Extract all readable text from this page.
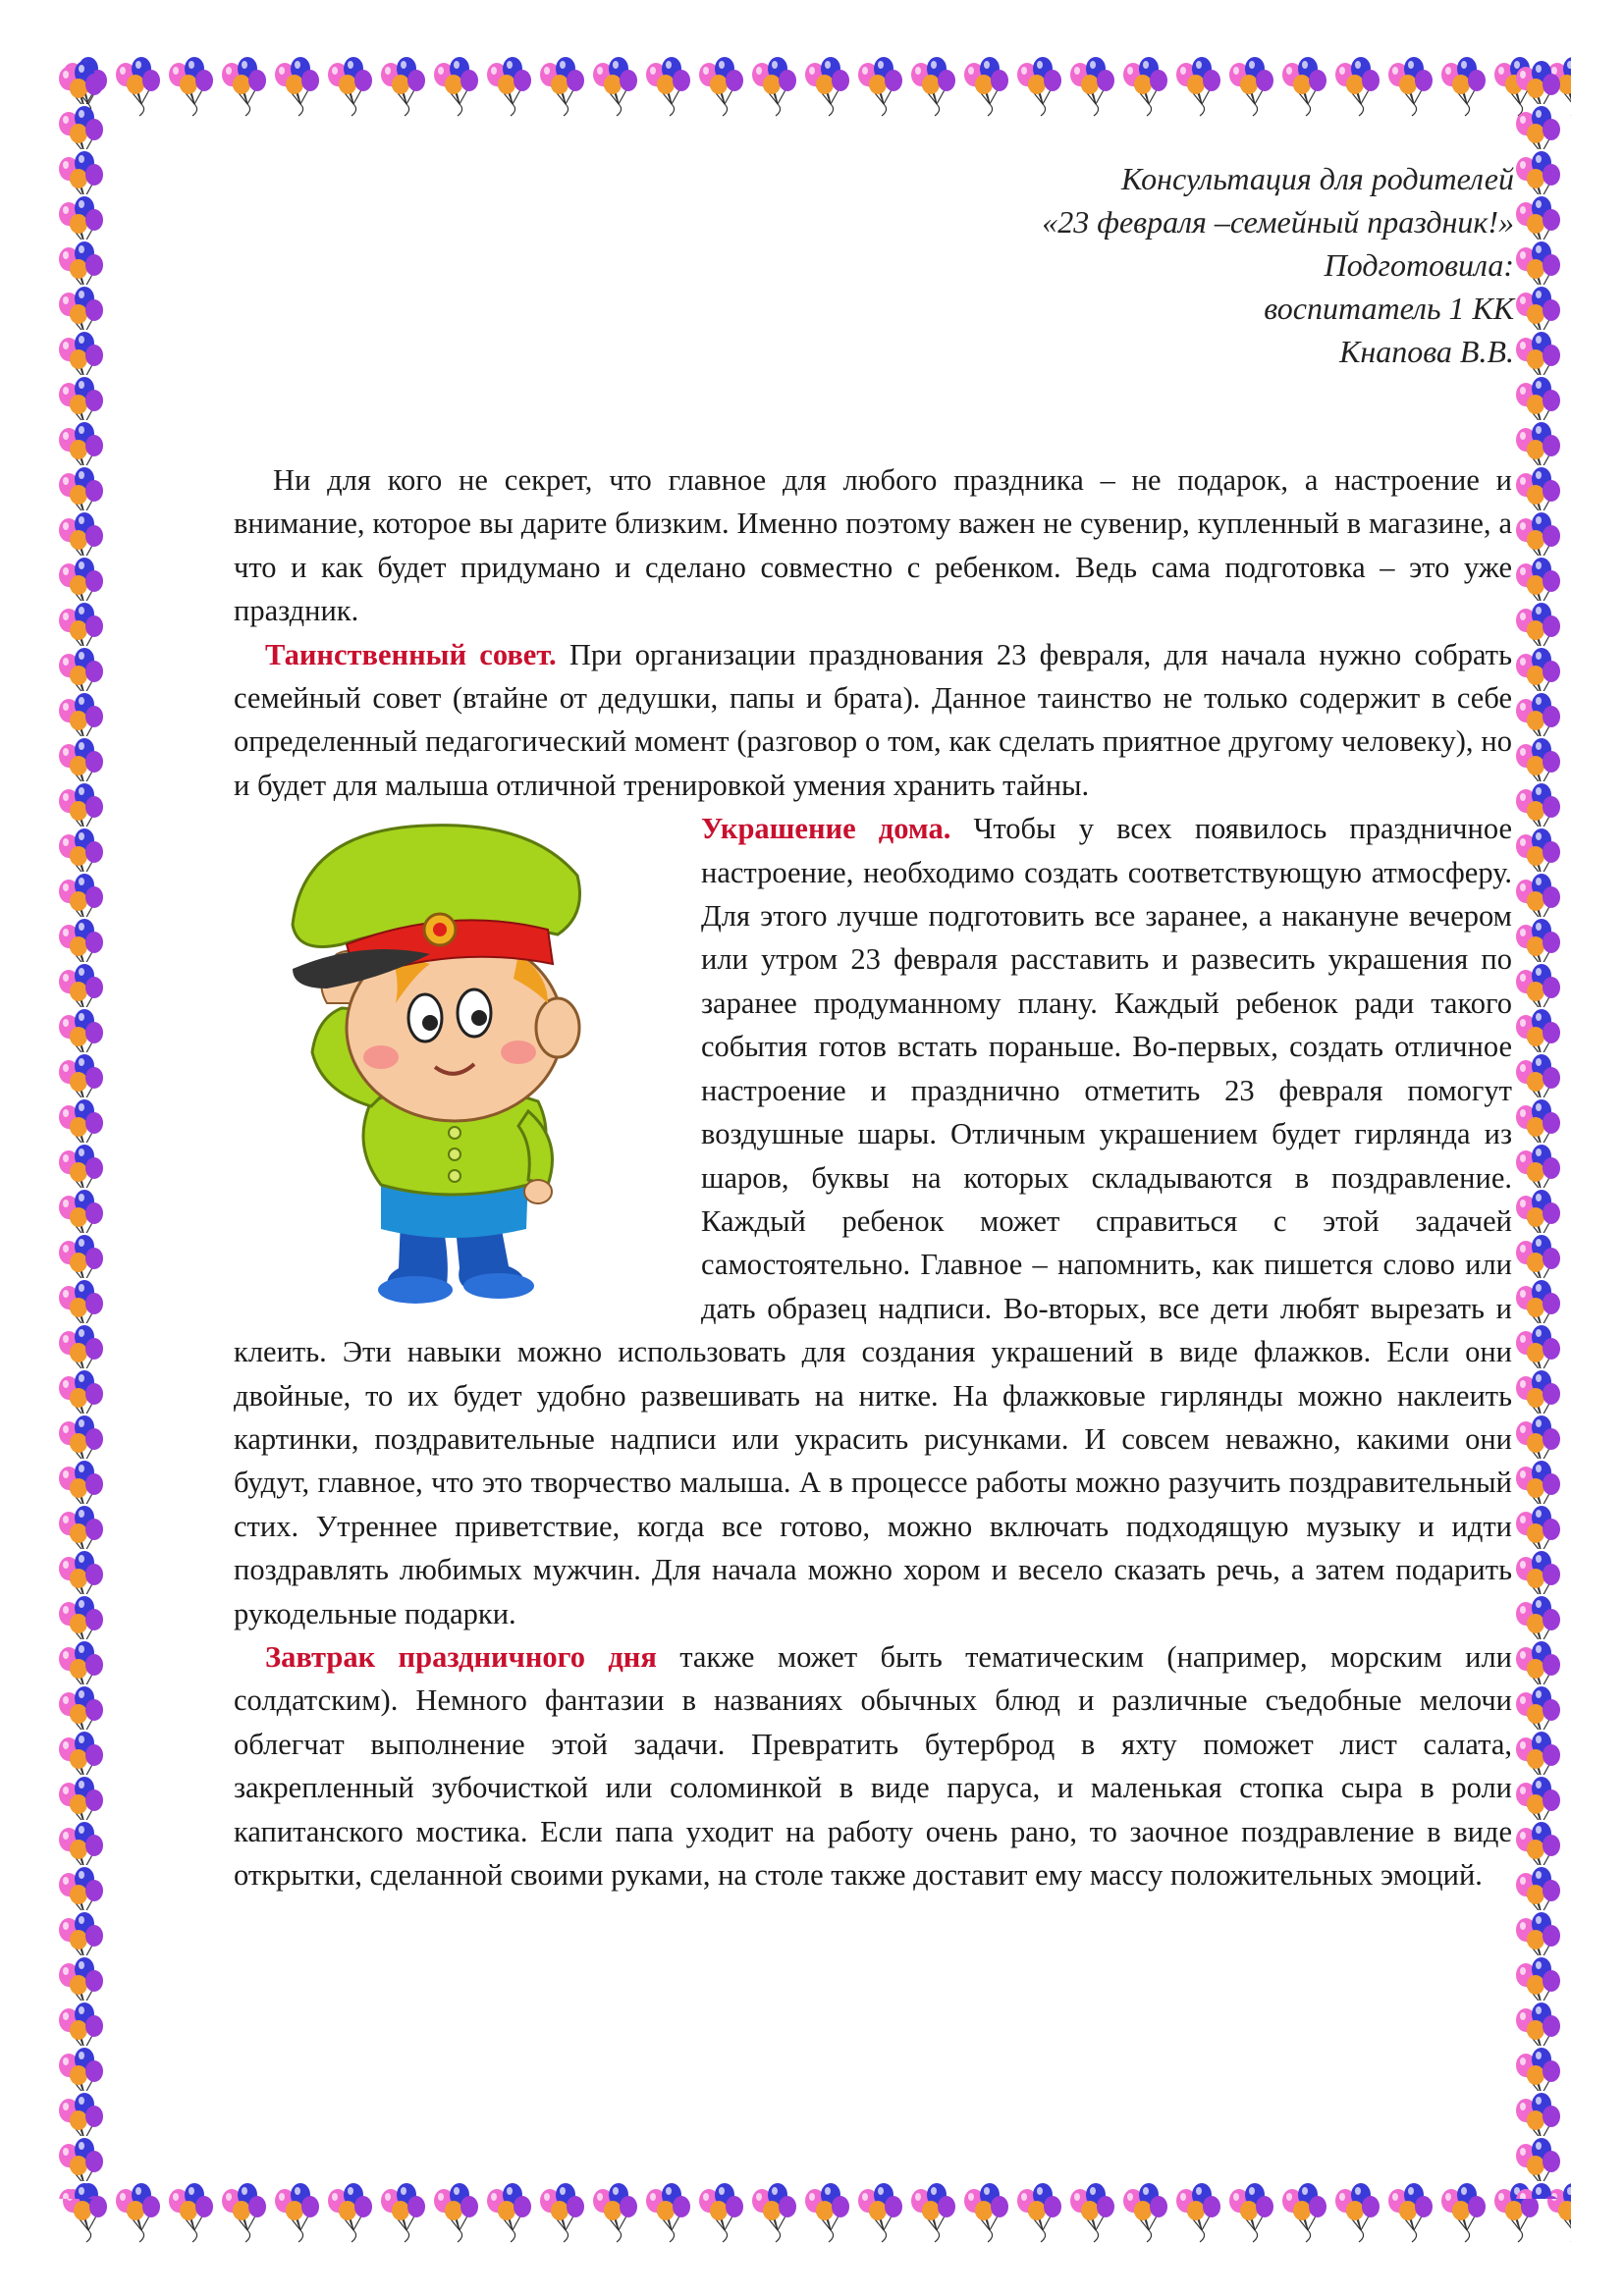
Консультация для родителей
«23 февраля –семейный праздник!»
Подготовила:
воспитатель 1 КК
Кнапова В.В.

Ни для кого не секрет, что главное для любого праздника – не подарок, а настроение и внимание, которое вы дарите близким. Именно поэтому важен не сувенир, купленный в магазине, а что и как будет придумано и сделано совместно с ребенком. Ведь сама подготовка – это уже праздник.

Таинственный совет. При организации празднования 23 февраля, для начала нужно собрать семейный совет (втайне от дедушки, папы и брата). Данное таинство не только содержит в себе определенный педагогический момент (разговор о том, как сделать приятное другому человеку), но и будет для малыша отличной тренировкой умения хранить тайны.

Украшение дома. Чтобы у всех появилось праздничное настроение, необходимо создать соответствующую атмосферу. Для этого лучше подготовить все заранее, а накануне вечером или утром 23 февраля расставить и развесить украшения по заранее продуманному плану. Каждый ребенок ради такого события готов встать пораньше. Во-первых, создать отличное настроение и празднично отметить 23 февраля помогут воздушные шары. Отличным украшением будет гирлянда из шаров, буквы на которых складываются в поздравление. Каждый ребенок может справиться с этой задачей самостоятельно. Главное – напомнить, как пишется слово или дать образец надписи. Во-вторых, все дети любят вырезать и клеить. Эти навыки можно использовать для создания украшений в виде флажков. Если они двойные, то их будет удобно развешивать на нитке. На флажковые гирлянды можно наклеить картинки, поздравительные надписи или украсить рисунками. И совсем неважно, какими они будут, главное, что это творчество малыша. А в процессе работы можно разучить поздравительный стих. Утреннее приветствие, когда все готово, можно включать подходящую музыку и идти поздравлять любимых мужчин. Для начала можно хором и весело сказать речь, а затем подарить рукодельные подарки.

Завтрак праздничного дня также может быть тематическим (например, морским или солдатским). Немного фантазии в названиях обычных блюд и различные съедобные мелочи облегчат выполнение этой задачи. Превратить бутерброд в яхту поможет лист салата, закрепленный зубочисткой или соломинкой в виде паруса, и маленькая стопка сыра в роли капитанского мостика. Если папа уходит на работу очень рано, то заочное поздравление в виде открытки, сделанной своими руками, на столе также доставит ему массу положительных эмоций.
